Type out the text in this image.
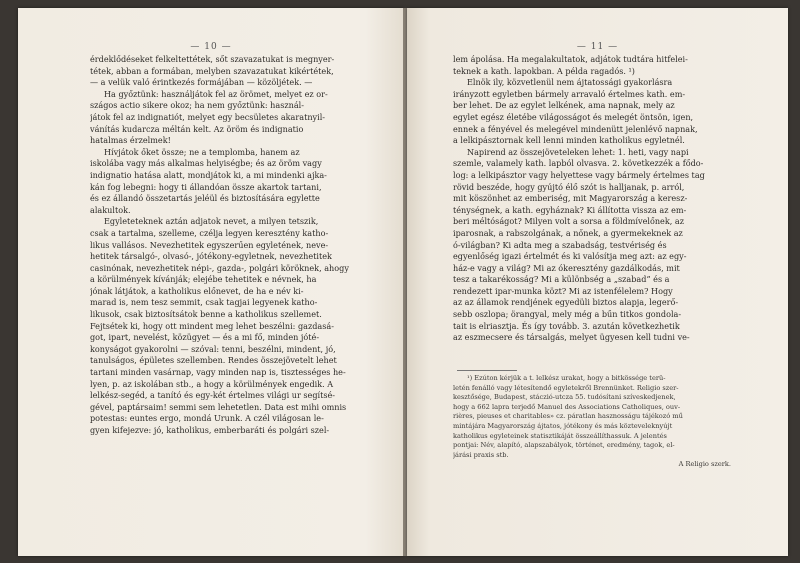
— 10 —
érdeklődéseket felkeltettétek, sőt szavazatukat is megnyer-
tétek, abban a formában, melyben szavazatukat kikértétek,
— a velük való érintkezés formájában — közöljétek. —
Ha győztünk: használjátok fel az örömet, melyet ez or-
szágos actio sikere okoz; ha nem győztünk: használ-
játok fel az indignatiót, melyet egy becsületes akaratnyil-
vánítás kudarcza méltán kelt. Az öröm és indignatio
hatalmas érzelmek!
Hívjátok őket össze; ne a templomba, hanem az
iskolába vagy más alkalmas helyiségbe; és az öröm vagy
indignatio hatása alatt, mondjátok ki, a mi mindenki ajka-
kán fog lebegni: hogy ti állandóan össze akartok tartani,
és ez állandó összetartás jeléül és biztosítására egylette
alakultok.
Egyleteteknek aztán adjatok nevet, a milyen tetszik,
csak a tartalma, szelleme, czélja legyen keresztény katho-
likus vallásos. Nevezhetitek egyszerűen egyletének, neve-
hetitek társalgó-, olvasó-, jótékony-egyletnek, nevezhetitek
casinónak, nevezhetitek népi-, gazda-, polgári köröknek, ahogy
a körülmények kívánják; elejébe tehetitek e névnek, ha
jónak látjátok, a katholikus előnevet, de ha e név ki-
marad is, nem tesz semmit, csak tagjai legyenek katho-
likusok, csak biztosítsátok benne a katholikus szellemet.
Fejtsétek ki, hogy ott mindent meg lehet beszélni: gazdasá-
got, ipart, nevelést, közügyet — és a mi fő, minden jóté-
konyságot gyakorolni — szóval: tenni, beszélni, mindent, jó,
tanulságos, épületes szellemben. Rendes összejövetelt lehet
tartani minden vasárnap, vagy minden nap is, tisztességes he-
lyen, p. az iskolában stb., a hogy a körülmények engedik. A
lelkész-segéd, a tanító és egy-két értelmes világi ur segítsé-
gével, paptársaim! semmi sem lehetetlen. Data est mihi omnis
potestas: euntes ergo, mondá Urunk. A czél világosan le-
gyen kifejezve: jó, katholikus, emberbaráti és polgári szel-
— 11 —
lem ápolása. Ha megalakultatok, adjátok tudtára hitfelei-
teknek a kath. lapokban. A példa ragadós. ¹)
Elnök ily, közvetlenül nem ájtatossági gyakorlásra
irányzott egyletben bármely arravaló értelmes kath. em-
ber lehet. De az egylet lelkének, ama napnak, mely az
egylet egész életébe világosságot és melegét öntsön, igen,
ennek a fényével és melegével mindenütt jelenlévő napnak,
a lelkipásztornak kell lenni minden katholikus egyletnél.
Napirend az összejöveteleken lehet: 1. heti, vagy napi
szemle, valamely kath. lapból olvasva. 2. következzék a fődo-
log: a lelkipásztor vagy helyettese vagy bármely értelmes tag
rövid beszéde, hogy gyújtó élő szót is halljanak, p. arról,
mit köszönhet az emberiség, mit Magyarország a keresz-
ténységnek, a kath. egyháznak? Ki állította vissza az em-
beri méltóságot? Milyen volt a sorsa a földmívelőnek, az
iparosnak, a rabszolgának, a nőnek, a gyermekeknek az
ó-világban? Ki adta meg a szabadság, testvériség és
egyenlőség igazi értelmét és ki valósítja meg azt: az egy-
ház-e vagy a világ? Mi az ókeresztény gazdálkodás, mit
tesz a takarékosság? Mi a különbség a „szabad” és a
rendezett ipar-munka közt? Mi az istenfélelem? Hogy
az az államok rendjének egyedüli biztos alapja, legerő-
sebb oszlopa; örangyal, mely még a bűn titkos gondola-
tait is elriasztja. És így tovább. 3. azután következhetik
az eszmecsere és társalgás, melyet ügyesen kell tudni ve-
¹) Ezúton kérjük a t. lelkész urakat, hogy a bitkössége terü-
letén fenálló vagy létesítendő egyletekről Brennünket. Religio szer-
kesztősége, Budapest, stáczió-utcza 55. tudósítani szíveskedjenek,
hogy a 662 lapra terjedő Manuel des Associations Catholiques, ouv-
rières, pieuses et charitables» cz. páratlan hasznosságu tájékozó mű
mintájára Magyarország ájtatos, jótékony és más közteveleknyújt
katholikus egyleteinek statisztikáját összeállíthassuk. A jelentés
pontjai: Név, alapító, alapszabályok, történet, eredmény, tagok, el-
járási praxis stb.
A Religio szerk.
